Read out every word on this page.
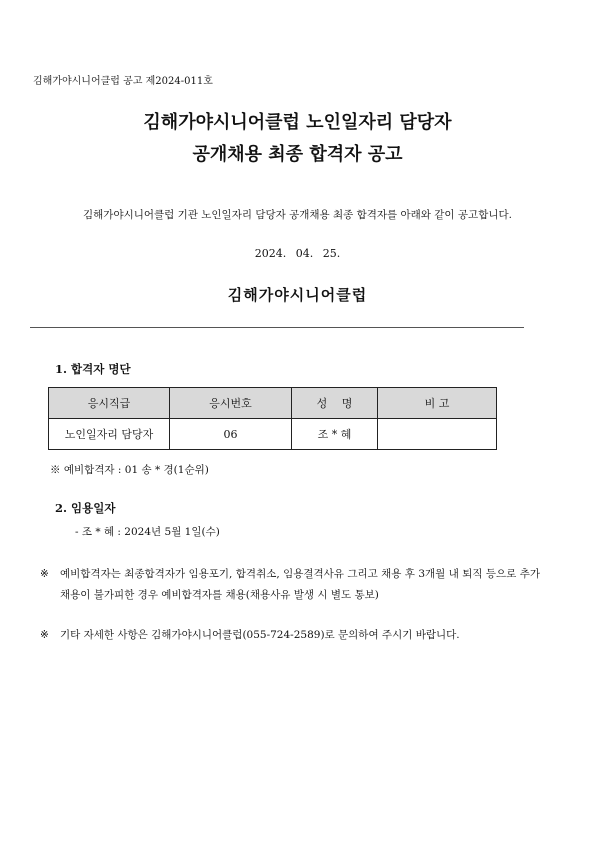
김해가야시니어클럽 공고 제2024-011호
김해가야시니어클럽 노인일자리 담당자
공개채용 최종 합격자 공고
김해가야시니어클럽 기관 노인일자리 담당자 공개채용 최종 합격자를 아래와 같이 공고합니다.
2024. 04. 25.
김해가야시니어클럽
1. 합격자 명단
응시직급	응시번호	성　 명	비 고
노인일자리 담당자	06	조 * 혜	
※ 예비합격자 : 01 송 * 경(1순위)
2. 임용일자
- 조 * 혜 : 2024년 5월 1일(수)
※	예비합격자는 최종합격자가 임용포기, 합격취소, 임용결격사유 그리고 채용 후 3개월 내 퇴직 등으로 추가채용이 불가피한 경우 예비합격자를 채용(채용사유 발생 시 별도 통보)
※	기타 자세한 사항은 김해가야시니어클럽(055-724-2589)로 문의하여 주시기 바랍니다.
